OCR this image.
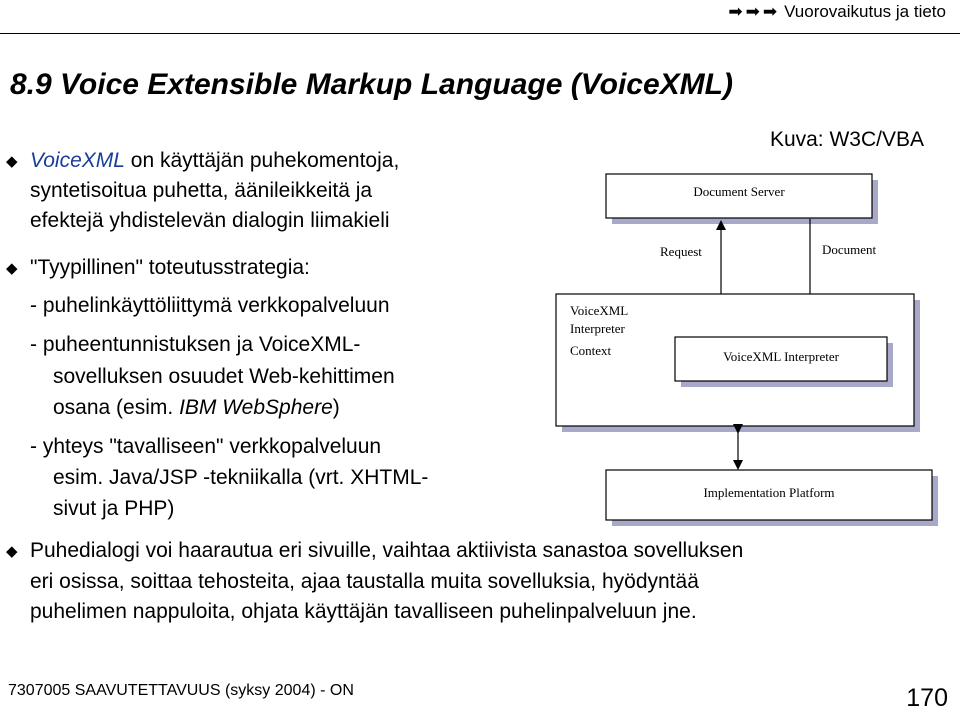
➡ ➡ ➡ Vuorovaikutus ja tieto
8.9 Voice Extensible Markup Language (VoiceXML)
Kuva: W3C/VBA
◆ VoiceXML on käyttäjän puhekomentoja,
syntetisoitua puhetta, äänileikkeitä ja
efektejä yhdistelevän dialogin liimakieli
◆ "Tyypillinen" toteutusstrategia:
- puhelinkäyttöliittymä verkkopalveluun
- puheentunnistuksen ja VoiceXML-
sovelluksen osuudet Web-kehittimen
osana (esim. IBM WebSphere)
- yhteys "tavalliseen" verkkopalveluun
esim. Java/JSP -tekniikalla (vrt. XHTML-
sivut ja PHP)
Document Server
Request	Document
VoiceXML
Interpreter
Context	VoiceXML Interpreter
Implementation Platform
◆ Puhedialogi voi haarautua eri sivuille, vaihtaa aktiivista sanastoa sovelluksen
eri osissa, soittaa tehosteita, ajaa taustalla muita sovelluksia, hyödyntää
puhelimen nappuloita, ohjata käyttäjän tavalliseen puhelinpalveluun jne.
7307005 SAAVUTETTAVUUS (syksy 2004) - ON	170
